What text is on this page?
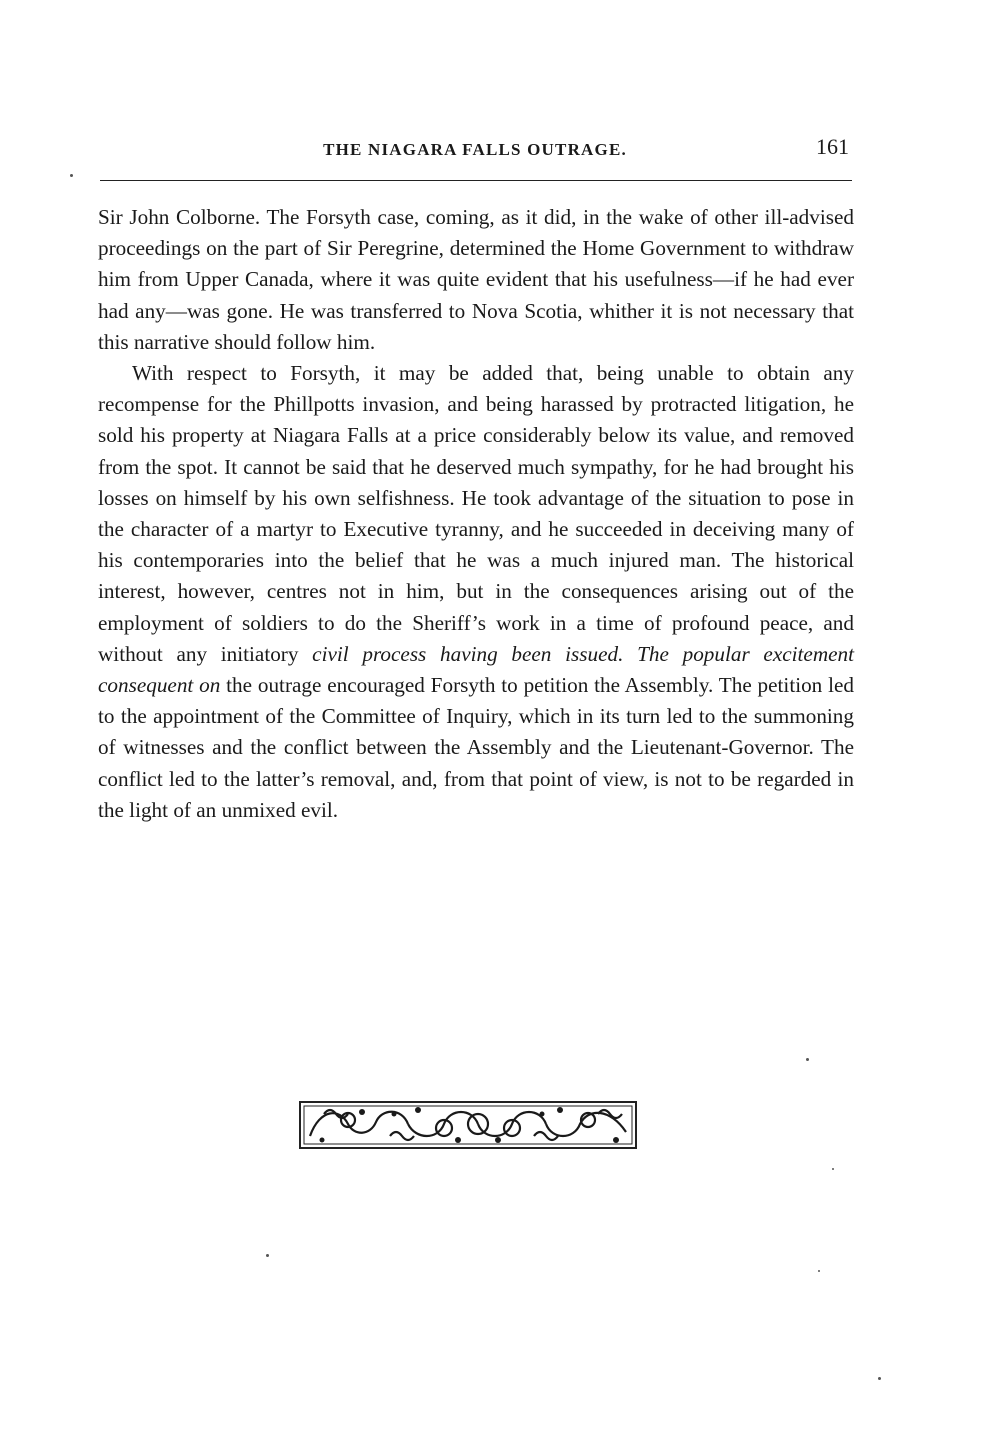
THE NIAGARA FALLS OUTRAGE.	161

Sir John Colborne. The Forsyth case, coming, as it did, in the wake of other ill-advised proceedings on the part of Sir Peregrine, determined the Home Government to withdraw him from Upper Canada, where it was quite evident that his usefulness—if he had ever had any—was gone. He was transferred to Nova Scotia, whither it is not necessary that this narrative should follow him.

With respect to Forsyth, it may be added that, being unable to obtain any recompense for the Phillpotts invasion, and being harassed by protracted litigation, he sold his property at Niagara Falls at a price considerably below its value, and removed from the spot. It cannot be said that he deserved much sympathy, for he had brought his losses on himself by his own selfishness. He took advantage of the situation to pose in the character of a martyr to Executive tyranny, and he succeeded in deceiving many of his contemporaries into the belief that he was a much injured man. The historical interest, however, centres not in him, but in the consequences arising out of the employment of soldiers to do the Sheriff’s work in a time of profound peace, and without any initiatory civil process having been issued. The popular excitement consequent on the outrage encouraged Forsyth to petition the Assembly. The petition led to the appointment of the Committee of Inquiry, which in its turn led to the summoning of witnesses and the conflict between the Assembly and the Lieutenant-Governor. The conflict led to the latter’s removal, and, from that point of view, is not to be regarded in the light of an unmixed evil.
